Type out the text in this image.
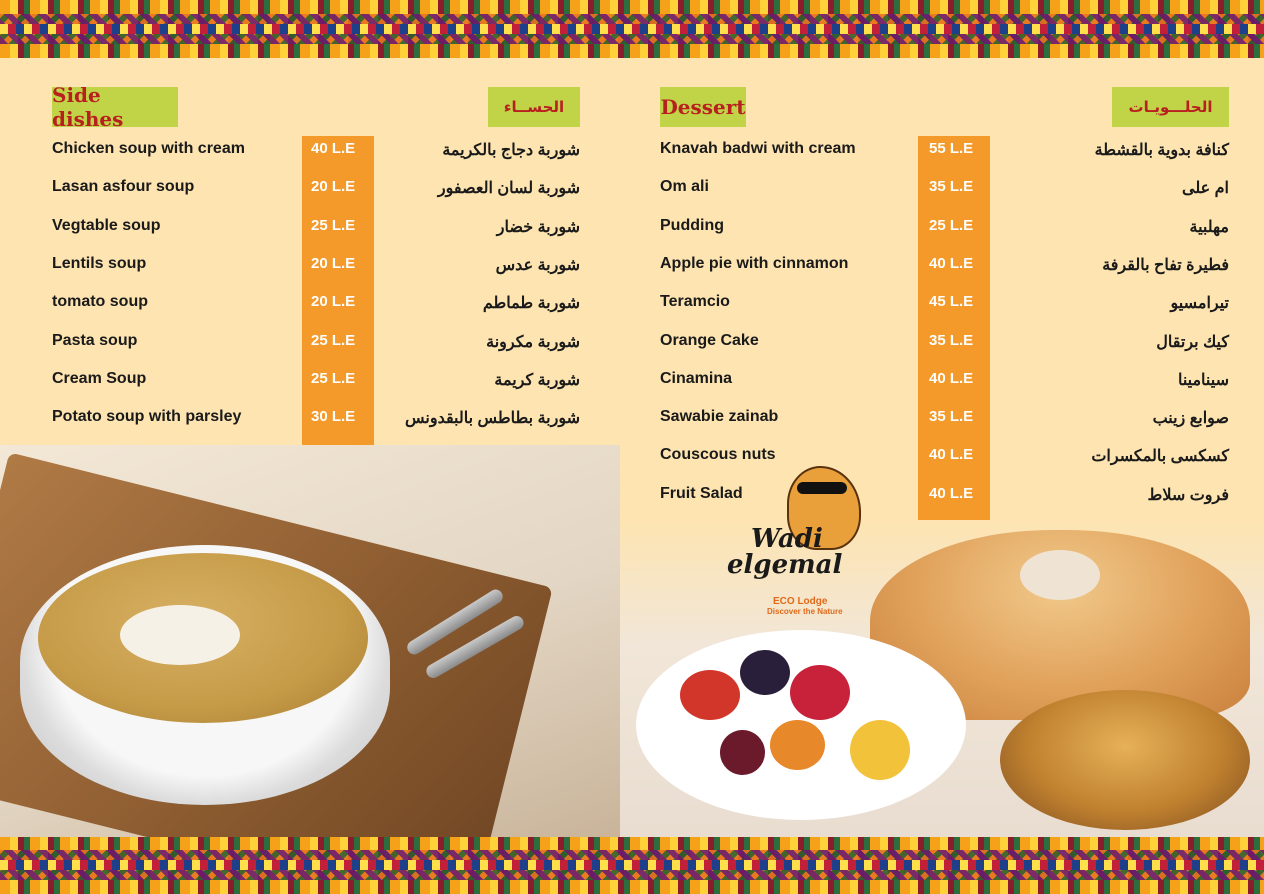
Side dishes	الحســاء
Chicken soup with cream	40 L.E	شوربة دجاج بالكريمة
Lasan asfour soup	20 L.E	شوربة لسان العصفور
Vegtable soup	25 L.E	شوربة خضار
Lentils soup	20 L.E	شوربة عدس
tomato soup	20 L.E	شوربة طماطم
Pasta soup	25 L.E	شوربة مكرونة
Cream Soup	25 L.E	شوربة كريمة
Potato soup with parsley	30 L.E	شوربة بطاطس بالبقدونس
Dessert	الحلـــويـات
Knavah badwi with cream	55 L.E	كنافة بدوية بالقشطة
Om ali	35 L.E	ام على
Pudding	25 L.E	مهلبية
Apple pie with cinnamon	40 L.E	فطيرة تفاح بالقرفة
Teramcio	45 L.E	تيرامسيو
Orange Cake	35 L.E	كيك برتقال
Cinamina	40 L.E	سينامينا
Sawabie zainab	35 L.E	صوابع زينب
Couscous nuts	40 L.E	كسكسى بالمكسرات
Fruit Salad	40 L.E	فروت سلاط
Wadi
elgemal
ECO Lodge
Discover the Nature
